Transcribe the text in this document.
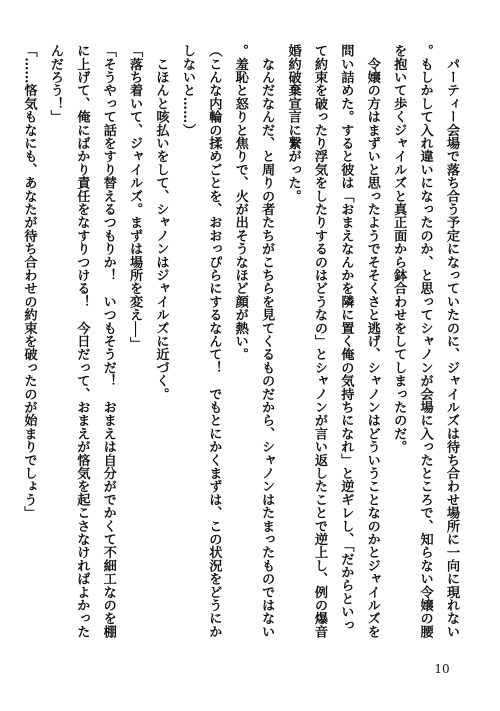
　パーティー会場で落ち合う予定になっていたのに、ジャイルズは待ち合わせ場所に一向に現れない。もしかして入れ違いになったのか、と思ってシャノンが会場に入ったところで、知らない令嬢の腰を抱いて歩くジャイルズと真正面から鉢合わせをしてしまったのだ。

　令嬢の方はまずいと思ったようでそそくさと逃げ、シャノンはどういうことなのかとジャイルズを問い詰めた。すると彼は「おまえなんかを隣に置く俺の気持ちになれ」と逆ギレし、「だからといって約束を破ったり浮気をしたりするのはどうなの」とシャノンが言い返したことで逆上し、例の爆音婚約破棄宣言に繋がった。

　なんだなんだ、と周りの者たちがこちらを見てくるものだから、シャノンはたまったものではない。羞恥と怒りと焦りで、火が出そうなほど顔が熱い。

（こんな内輪の揉めごとを、おおっぴらにするなんて！　でもとにかくまずは、この状況をどうにかしないと……）

　こほんと咳払いをして、シャノンはジャイルズに近づく。

「落ち着いて、ジャイルズ。まずは場所を変え──」

「そうやって話をすり替えるつもりか！　いつもそうだ！　おまえは自分がでかくて不細工なのを棚に上げて、俺にばかり責任をなすりつける！　今日だって、おまえが悋気を起こさなければよかったんだろう！」

「……悋気もなにも、あなたが待ち合わせの約束を破ったのが始まりでしょう」

10
